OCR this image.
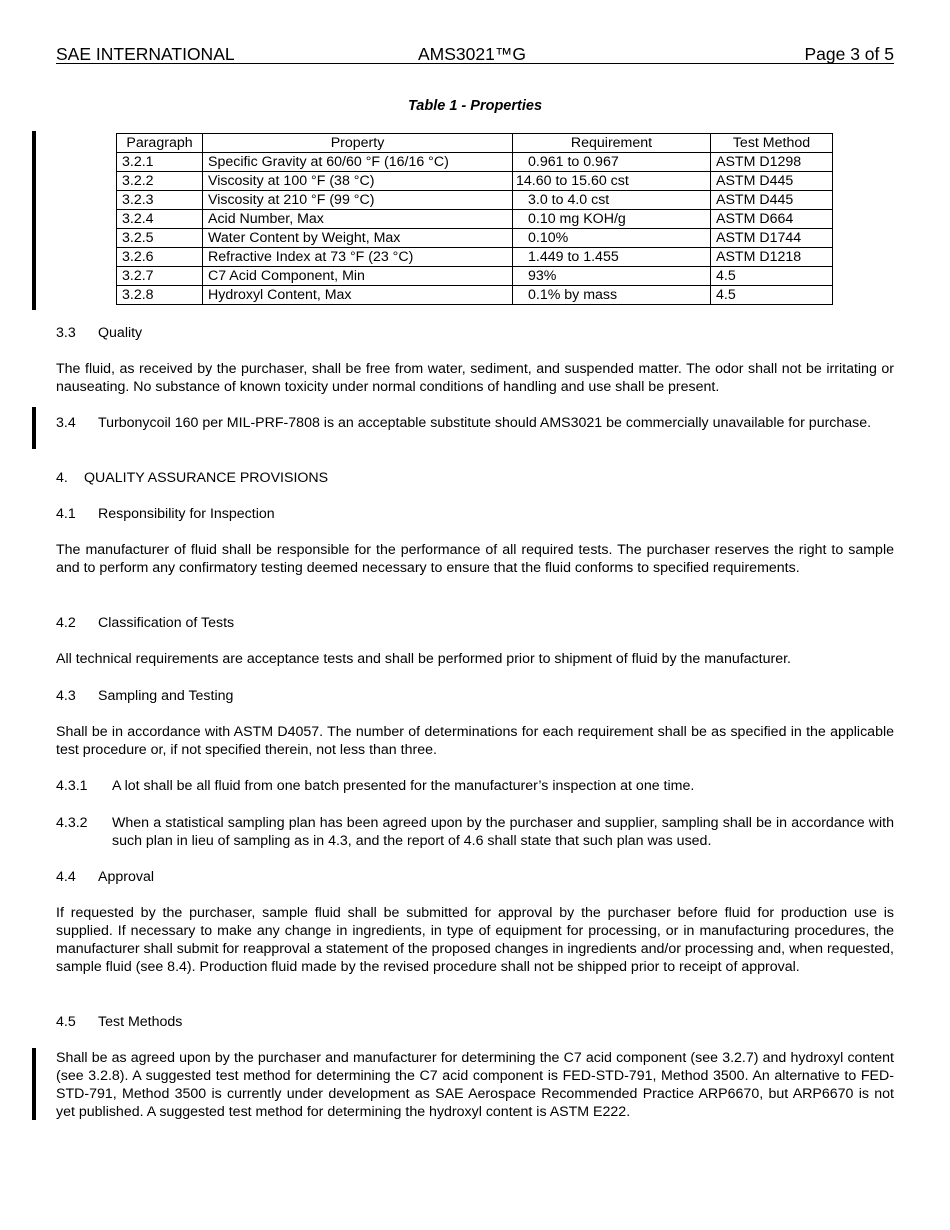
SAE INTERNATIONAL	AMS3021™G	Page 3 of 5
Table 1 - Properties
Paragraph	Property	Requirement	Test Method
3.2.1	Specific Gravity at 60/60 °F (16/16 °C)	0.961 to 0.967	ASTM D1298
3.2.2	Viscosity at 100 °F (38 °C)	14.60 to 15.60 cst	ASTM D445
3.2.3	Viscosity at 210 °F (99 °C)	3.0 to 4.0 cst	ASTM D445
3.2.4	Acid Number, Max	0.10 mg KOH/g	ASTM D664
3.2.5	Water Content by Weight, Max	0.10%	ASTM D1744
3.2.6	Refractive Index at 73 °F (23 °C)	1.449 to 1.455	ASTM D1218
3.2.7	C7 Acid Component, Min	93%	4.5
3.2.8	Hydroxyl Content, Max	0.1% by mass	4.5
3.3 Quality
The fluid, as received by the purchaser, shall be free from water, sediment, and suspended matter. The odor shall not be irritating or nauseating. No substance of known toxicity under normal conditions of handling and use shall be present.
3.4	Turbonycoil 160 per MIL-PRF-7808 is an acceptable substitute should AMS3021 be commercially unavailable for purchase.
4. QUALITY ASSURANCE PROVISIONS
4.1 Responsibility for Inspection
The manufacturer of fluid shall be responsible for the performance of all required tests. The purchaser reserves the right to sample and to perform any confirmatory testing deemed necessary to ensure that the fluid conforms to specified requirements.
4.2 Classification of Tests
All technical requirements are acceptance tests and shall be performed prior to shipment of fluid by the manufacturer.
4.3 Sampling and Testing
Shall be in accordance with ASTM D4057. The number of determinations for each requirement shall be as specified in the applicable test procedure or, if not specified therein, not less than three.
4.3.1	A lot shall be all fluid from one batch presented for the manufacturer’s inspection at one time.
4.3.2	When a statistical sampling plan has been agreed upon by the purchaser and supplier, sampling shall be in accordance with such plan in lieu of sampling as in 4.3, and the report of 4.6 shall state that such plan was used.
4.4 Approval
If requested by the purchaser, sample fluid shall be submitted for approval by the purchaser before fluid for production use is supplied. If necessary to make any change in ingredients, in type of equipment for processing, or in manufacturing procedures, the manufacturer shall submit for reapproval a statement of the proposed changes in ingredients and/or processing and, when requested, sample fluid (see 8.4). Production fluid made by the revised procedure shall not be shipped prior to receipt of approval.
4.5 Test Methods
Shall be as agreed upon by the purchaser and manufacturer for determining the C7 acid component (see 3.2.7) and hydroxyl content (see 3.2.8). A suggested test method for determining the C7 acid component is FED-STD-791, Method 3500. An alternative to FED-STD-791, Method 3500 is currently under development as SAE Aerospace Recommended Practice ARP6670, but ARP6670 is not yet published. A suggested test method for determining the hydroxyl content is ASTM E222.
